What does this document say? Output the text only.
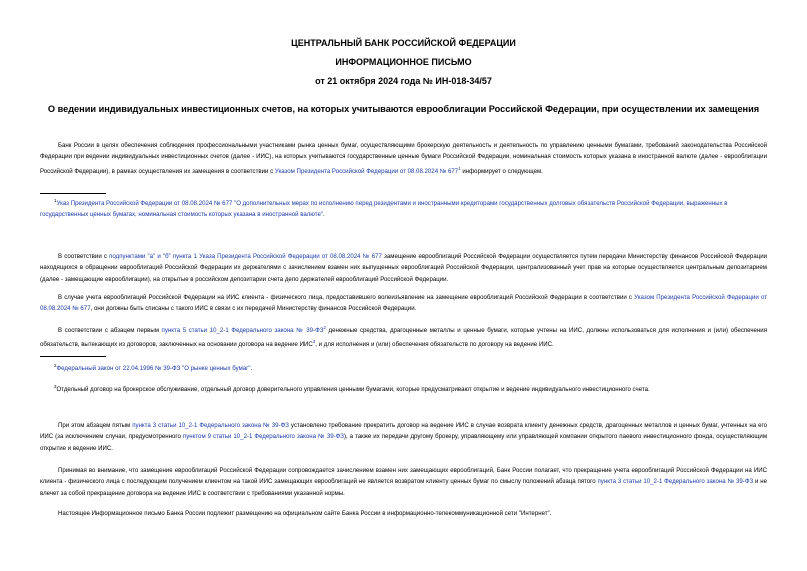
ЦЕНТРАЛЬНЫЙ БАНК РОССИЙСКОЙ ФЕДЕРАЦИИ
ИНФОРМАЦИОННОЕ ПИСЬМО
от 21 октября 2024 года № ИН-018-34/57
О ведении индивидуальных инвестиционных счетов, на которых учитываются еврооблигации Российской Федерации, при осуществлении их замещения
Банк России в целях обеспечения соблюдения профессиональными участниками рынка ценных бумаг, осуществляющими брокерскую деятельность и деятельность по управлению ценными бумагами, требований законодательства Российской Федерации при ведении индивидуальных инвестиционных счетов (далее - ИИС), на которых учитываются государственные ценные бумаги Российской Федерации, номинальная стоимость которых указана в иностранной валюте (далее - еврооблигации Российской Федерации), в рамках осуществления их замещения в соответствии с Указом Президента Российской Федерации от 08.08.2024 № $677^1$ информирует о следующем.
$^1$Указ Президента Российской Федерации от 08.08.2024 № 677 "О дополнительных мерах по исполнению перед резидентами и иностранными кредиторами государственных долговых обязательств Российской Федерации, выраженных в государственных ценных бумагах, номинальная стоимость которых указана в иностранной валюте".
В соответствии с подпунктами "а" и "б" пункта 1 Указа Президента Российской Федерации от 08.08.2024 № 677 замещение еврооблигаций Российской Федерации осуществляется путем передачи Министерству финансов Российской Федерации находящихся в обращении еврооблигаций Российской Федерации их держателями с зачислением взамен них выпущенных еврооблигаций Российской Федерации, централизованный учет прав на которые осуществляется центральным депозитарием (далее - замещающие еврооблигации), на открытые в российском депозитарии счета депо держателей еврооблигаций Российской Федерации.
В случае учета еврооблигаций Российской Федерации на ИИС клиента - физического лица, предоставившего волеизъявление на замещение еврооблигаций Российской Федерации в соответствии с Указом Президента Российской Федерации от 08.08.2024 № 677, они должны быть списаны с такого ИИС в связи с их передачей Министерству финансов Российской Федерации.
В соответствии с абзацем первым пункта 5 статьи 10_2-1 Федерального закона № $39-ФЗ^2$ денежные средства, драгоценные металлы и ценные бумаги, которые учтены на ИИС, должны использоваться для исполнения и (или) обеспечения обязательств, вытекающих из договоров, заключенных на основании договора на ведение ИИС$^3$, и для исполнения и (или) обеспечения обязательств по договору на ведение ИИС.
$^2$Федеральный закон от 22.04.1996 № 39-ФЗ "О рынке ценных бумаг".
$^3$Отдельный договор на брокерское обслуживание, отдельный договор доверительного управления ценными бумагами, которые предусматривают открытие и ведение индивидуального инвестиционного счета.
При этом абзацем пятым пункта 3 статьи 10_2-1 Федерального закона № 39-ФЗ установлено требование прекратить договор на ведение ИИС в случае возврата клиенту денежных средств, драгоценных металлов и ценных бумаг, учтенных на его ИИС (за исключением случаи, предусмотренного пунктом 9 статьи 10_2-1 Федерального закона № 39-ФЗ), а также их передачи другому брокеру, управляющему или управляющей компании открытого паевого инвестиционного фонда, осуществляющим открытие и ведение ИИС.
Принимая во внимание, что замещение еврооблигаций Российской Федерации сопровождается зачислением взамен них замещающих еврооблигаций, Банк России полагает, что прекращение учета еврооблигаций Российской Федерации на ИИС клиента - физического лица с последующим получением клиентом на такой ИИС замещающих еврооблигаций не является возвратом клиенту ценных бумаг по смыслу положений абзаца пятого пункта 3 статьи 10_2-1 Федерального закона № 39-ФЗ и не влечет за собой прекращение договора на ведение ИИС в соответствии с требованиями указанной нормы.
Настоящее Информационное письмо Банка России подлежит размещению на официальном сайте Банка России в информационно-телекоммуникационной сети "Интернет".
